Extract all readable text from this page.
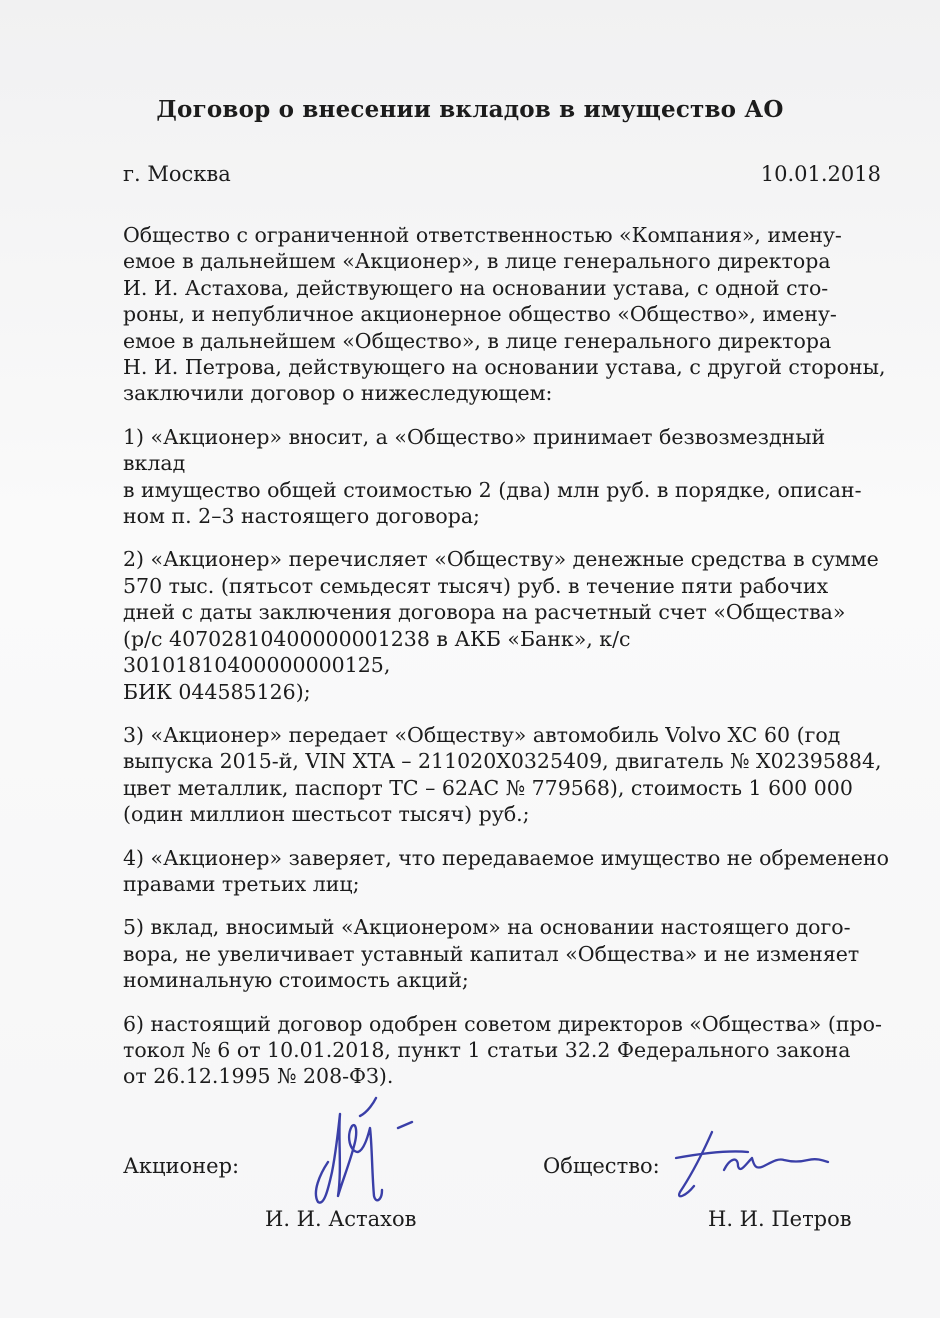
Договор о внесении вкладов в имущество АО
г. Москва	10.01.2018

Общество с ограниченной ответственностью «Компания», имену-
емое в дальнейшем «Акционер», в лице генерального директора
И. И. Астахова, действующего на основании устава, с одной сто-
роны, и непубличное акционерное общество «Общество», имену-
емое в дальнейшем «Общество», в лице генерального директора
Н. И. Петрова, действующего на основании устава, с другой стороны,
заключили договор о нижеследующем:

1) «Акционер» вносит, а «Общество» принимает безвозмездный вклад
в имущество общей стоимостью 2 (два) млн руб. в порядке, описан-
ном п. 2–3 настоящего договора;

2) «Акционер» перечисляет «Обществу» денежные средства в сумме
570 тыс. (пятьсот семьдесят тысяч) руб. в течение пяти рабочих
дней с даты заключения договора на расчетный счет «Общества»
(р/с 40702810400000001238 в АКБ «Банк», к/с 30101810400000000125,
БИК 044585126);

3) «Акционер» передает «Обществу» автомобиль Volvo XC 60 (год
выпуска 2015-й, VIN XTA – 211020X0325409, двигатель № X02395884,
цвет металлик, паспорт ТС – 62АС № 779568), стоимость 1 600 000
(один миллион шестьсот тысяч) руб.;

4) «Акционер» заверяет, что передаваемое имущество не обременено
правами третьих лиц;

5) вклад, вносимый «Акционером» на основании настоящего дого-
вора, не увеличивает уставный капитал «Общества» и не изменяет
номинальную стоимость акций;

6) настоящий договор одобрен советом директоров «Общества» (про-
токол № 6 от 10.01.2018, пункт 1 статьи 32.2 Федерального закона
от 26.12.1995 № 208-ФЗ).

Акционер:
И. И. Астахов
Общество:
Н. И. Петров
